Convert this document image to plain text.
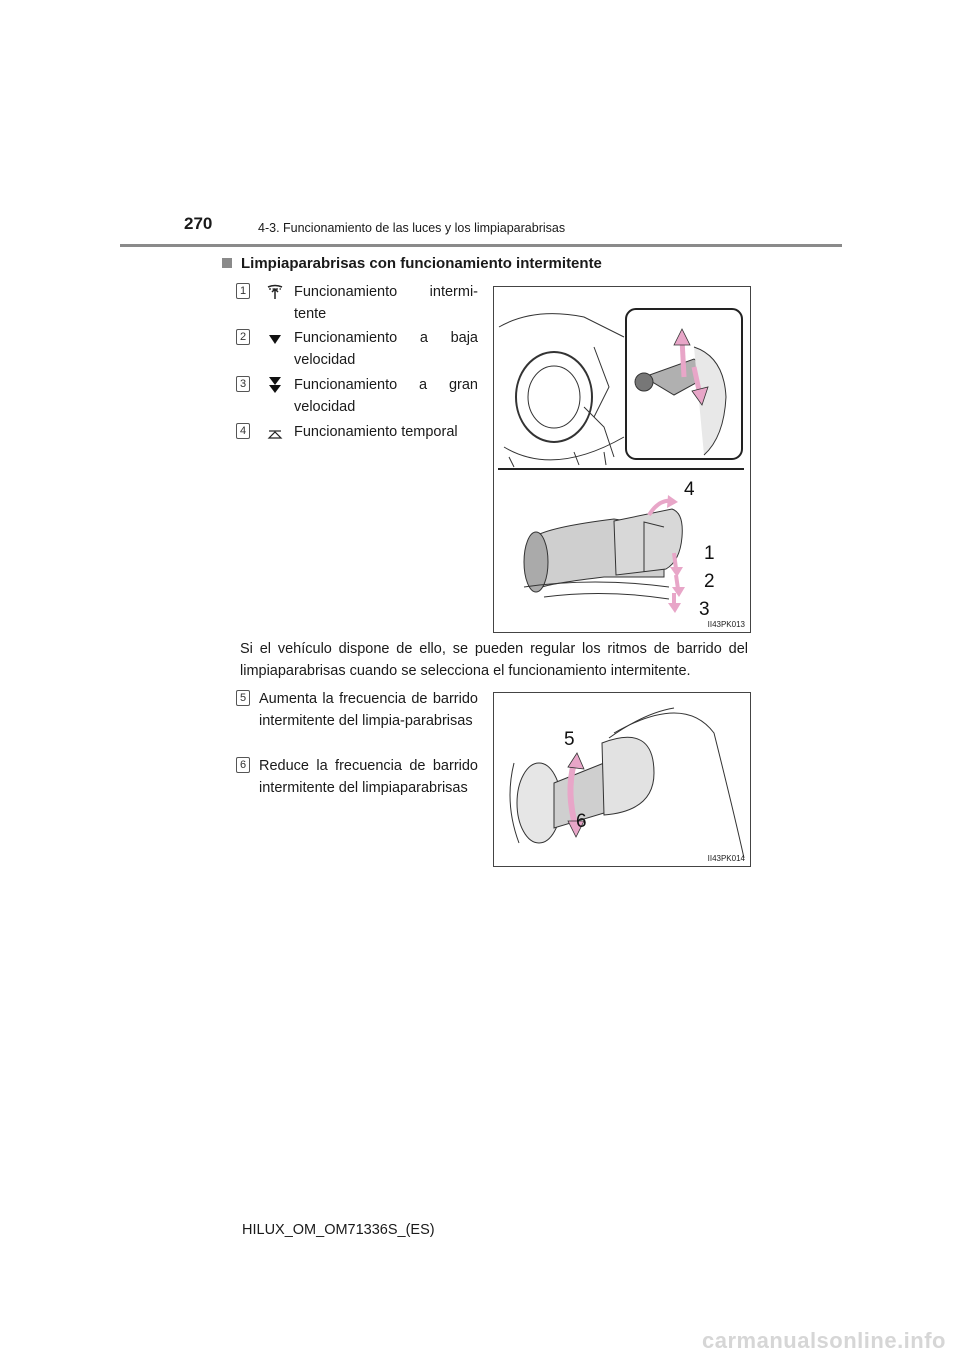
270	4-3. Funcionamiento de las luces y los limpiaparabrisas
Limpiaparabrisas con funcionamiento intermitente
1	Funcionamiento intermi-tente
2	Funcionamiento a baja velocidad
3	Funcionamiento a gran velocidad
4	Funcionamiento temporal
4
1
2
3
II43PK013
Si el vehículo dispone de ello, se pueden regular los ritmos de barrido del limpiaparabrisas cuando se selecciona el funcionamiento intermitente.
5 Aumenta la frecuencia de barrido intermitente del limpia-parabrisas
6 Reduce la frecuencia de barrido intermitente del limpiaparabrisas
5
6
II43PK014
HILUX_OM_OM71336S_(ES)
carmanualsonline.info
